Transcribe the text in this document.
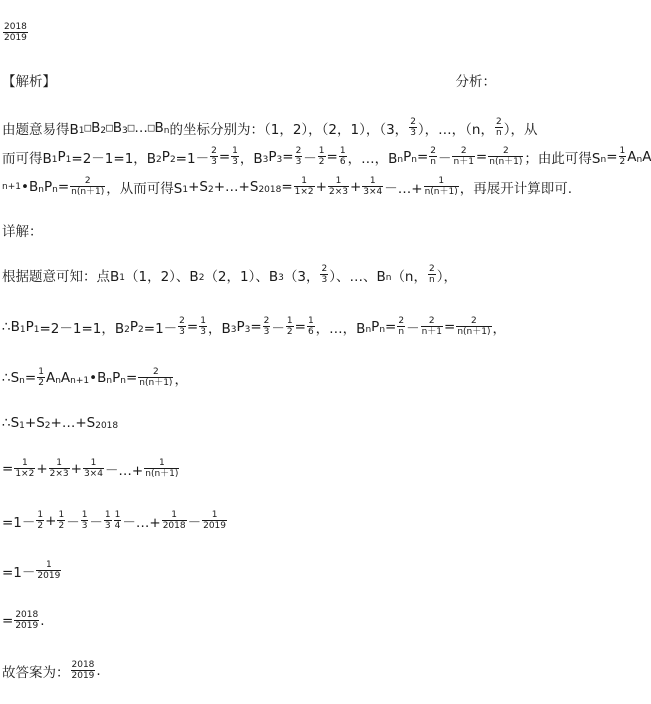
$\frac{2018}{2019}$
【解析】	分析：
由题意易得B 1 □ B 2 □ B 3 □ … □ B n 的坐标分别为：（1，2），（2，1），（3， $\frac{2}{3}$ ），…，（n， $\frac{2}{n}$ ），从
而可得B 1 P 1 =2－1=1，B 2 P $2 =1- \frac{2}{3} = \frac{1}{3}$ ，B 3 P $3 = \frac{2}{3} - \frac{1}{2} = \frac{1}{6}$ ，…，B n P $n = \frac{2}{n} - \frac{2}{n+1} = \frac{2}{n(n+1)}$ ；由此可得S $n = \frac{1}{2}$ A n A
n+1 •B n P $n = \frac{2}{n(n+1)}$ ，从而可得S 1 +S 2 +…+S $2018 = \frac{1}{1\times 2} + \frac{1}{2\times 3} + \frac{1}{3\times 4}$ －…+ $\frac{1}{n(n+1)}$ ，再展开计算即可.
详解：
根据题意可知：点B 1 （1，2）、B 2 （2，1）、B 3 （3， $\frac{2}{3}$ ）、…、B n （n， $\frac{2}{n}$ ），
∴B 1 P 1 =2－1=1，B 2 P $2 =1- \frac{2}{3} = \frac{1}{3}$ ，B 3 P $3 = \frac{2}{3} - \frac{1}{2} = \frac{1}{6}$ ，…，B n P $n = \frac{2}{n} - \frac{2}{n+1} = \frac{2}{n(n+1)}$ ，
∴S $n = \frac{1}{2}$ A n A n+1 •B n P $n = \frac{2}{n(n+1)}$ ，
∴S 1 +S 2 +…+S 2018
= $\frac{1}{1\times 2} + \frac{1}{2\times 3} + \frac{1}{3\times 4}$ －…+ $\frac{1}{n(n+1)}$
$=1- \frac{1}{2} + \frac{1}{2} - \frac{1}{3} - \frac{1}{3} \frac{1}{4}$ －…+ $\frac{1}{2018} - \frac{1}{2019}$
$=1- \frac{1}{2019}$
= $\frac{2018}{2019}$ .
故答案为： $\frac{2018}{2019}$ .
